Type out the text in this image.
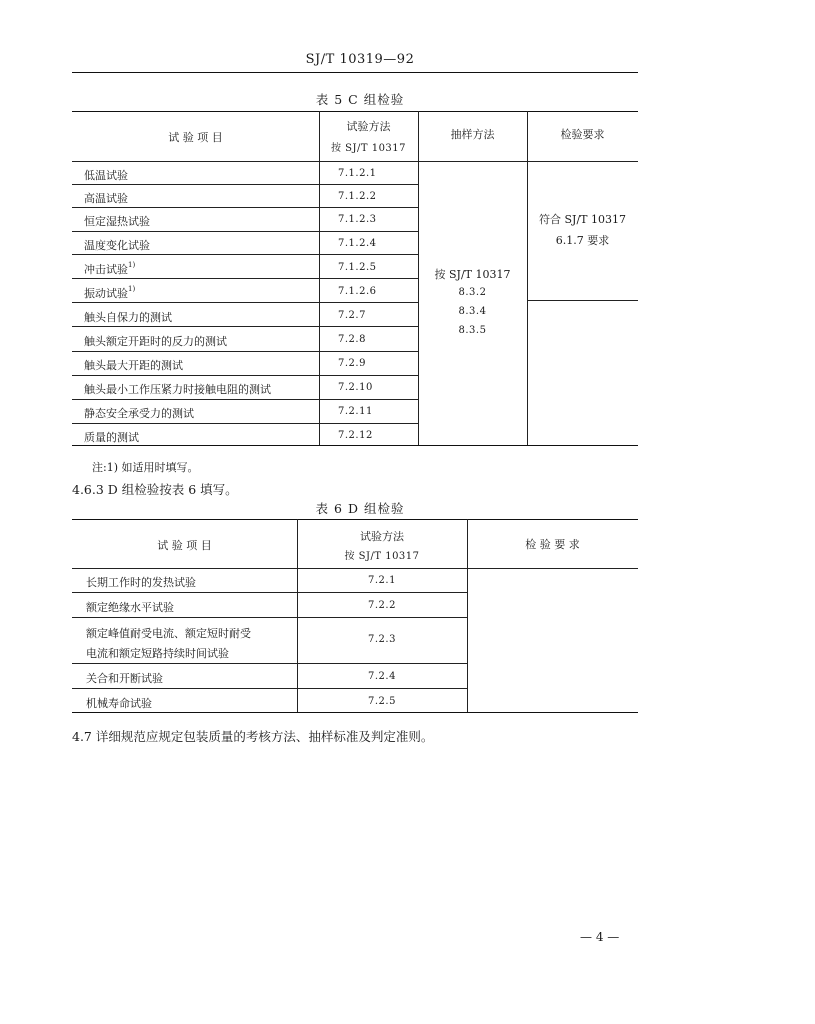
SJ/T 10319—92
表 5 C 组检验
试 验 项 目
试验方法
按 SJ/T 10317
抽样方法	检验要求
低温试验
高温试验
恒定湿热试验
温度变化试验
冲击试验$^{1)}$
振动试验$^{1)}$
触头自保力的测试
触头额定开距时的反力的测试
触头最大开距的测试
触头最小工作压紧力时接触电阻的测试
静态安全承受力的测试
质量的测试
7.1.2.1
7.1.2.2
7.1.2.3
7.1.2.4
7.1.2.5
7.1.2.6
7.2.7
7.2.8
7.2.9
7.2.10
7.2.11
7.2.12
按 SJ/T 10317
8.3.2
8.3.4
8.3.5
符合 SJ/T 10317
6.1.7 要求
注:1) 如适用时填写。
4.6.3 D 组检验按表 6 填写。
表 6 D 组检验
试 验 项 目
试验方法
按 SJ/T 10317
检 验 要 求
长期工作时的发热试验
额定绝缘水平试验
额定峰值耐受电流、额定短时耐受
电流和额定短路持续时间试验
关合和开断试验
机械寿命试验
7.2.1
7.2.2
7.2.3
7.2.4
7.2.5
4.7 详细规范应规定包装质量的考核方法、抽样标准及判定准则。
— 4 —
